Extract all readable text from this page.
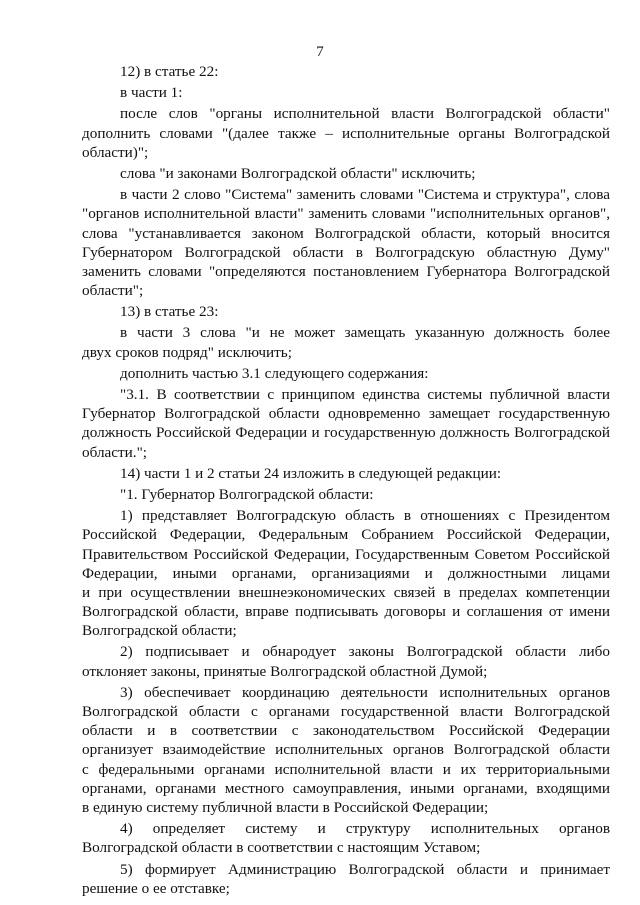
7
12) в статье 22:
в части 1:
после слов "органы исполнительной власти Волгоградской области"
дополнить словами "(далее также – исполнительные органы Волгоградской
области)";
слова "и законами Волгоградской области" исключить;
в части 2 слово "Система" заменить словами "Система и структура", слова
"органов исполнительной власти" заменить словами "исполнительных органов",
слова "устанавливается законом Волгоградской области, который вносится
Губернатором Волгоградской области в Волгоградскую областную Думу"
заменить словами "определяются постановлением Губернатора Волгоградской
области";
13) в статье 23:
в части 3 слова "и не может замещать указанную должность более
двух сроков подряд" исключить;
дополнить частью 3.1 следующего содержания:
"3.1. В соответствии с принципом единства системы публичной власти
Губернатор Волгоградской области одновременно замещает государственную
должность Российской Федерации и государственную должность Волгоградской
области.";
14) части 1 и 2 статьи 24 изложить в следующей редакции:
"1. Губернатор Волгоградской области:
1) представляет Волгоградскую область в отношениях с Президентом
Российской Федерации, Федеральным Собранием Российской Федерации,
Правительством Российской Федерации, Государственным Советом Российской
Федерации, иными органами, организациями и должностными лицами
и при осуществлении внешнеэкономических связей в пределах компетенции
Волгоградской области, вправе подписывать договоры и соглашения от имени
Волгоградской области;
2) подписывает и обнародует законы Волгоградской области либо
отклоняет законы, принятые Волгоградской областной Думой;
3) обеспечивает координацию деятельности исполнительных органов
Волгоградской области с органами государственной власти Волгоградской
области и в соответствии с законодательством Российской Федерации
организует взаимодействие исполнительных органов Волгоградской области
с федеральными органами исполнительной власти и их территориальными
органами, органами местного самоуправления, иными органами, входящими
в единую систему публичной власти в Российской Федерации;
4) определяет систему и структуру исполнительных органов
Волгоградской области в соответствии с настоящим Уставом;
5) формирует Администрацию Волгоградской области и принимает
решение о ее отставке;
